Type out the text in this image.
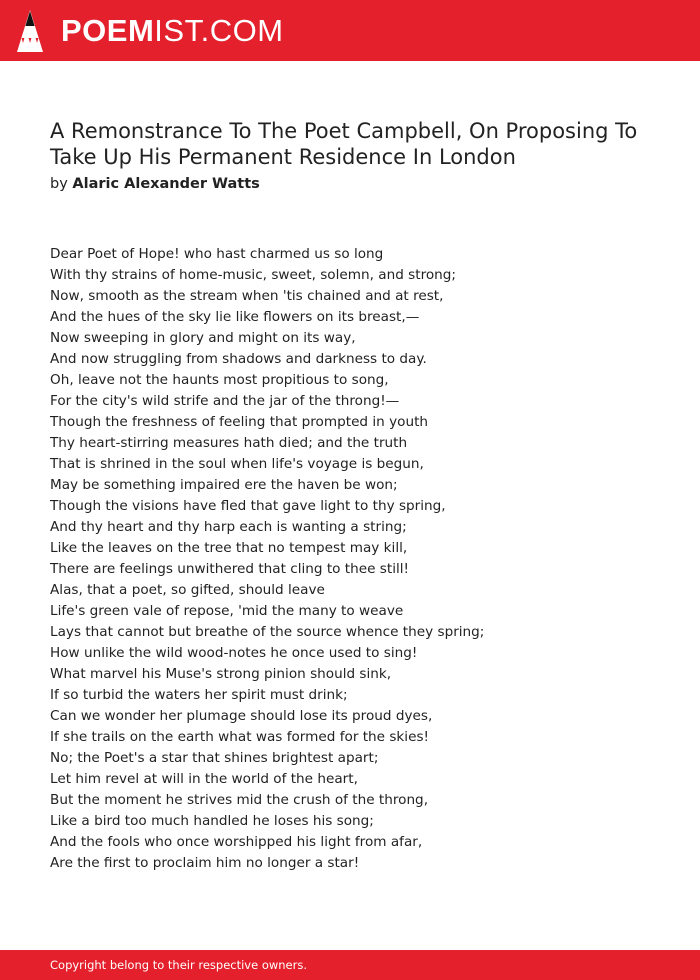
POEMIST.COM
A Remonstrance To The Poet Campbell, On Proposing To Take Up His Permanent Residence In London
by Alaric Alexander Watts
Dear Poet of Hope! who hast charmed us so long
With thy strains of home-music, sweet, solemn, and strong;
Now, smooth as the stream when 'tis chained and at rest,
And the hues of the sky lie like flowers on its breast,—
Now sweeping in glory and might on its way,
And now struggling from shadows and darkness to day.
Oh, leave not the haunts most propitious to song,
For the city's wild strife and the jar of the throng!—
Though the freshness of feeling that prompted in youth
Thy heart-stirring measures hath died; and the truth
That is shrined in the soul when life's voyage is begun,
May be something impaired ere the haven be won;
Though the visions have fled that gave light to thy spring,
And thy heart and thy harp each is wanting a string;
Like the leaves on the tree that no tempest may kill,
There are feelings unwithered that cling to thee still!
Alas, that a poet, so gifted, should leave
Life's green vale of repose, 'mid the many to weave
Lays that cannot but breathe of the source whence they spring;
How unlike the wild wood-notes he once used to sing!
What marvel his Muse's strong pinion should sink,
If so turbid the waters her spirit must drink;
Can we wonder her plumage should lose its proud dyes,
If she trails on the earth what was formed for the skies!
No; the Poet's a star that shines brightest apart;
Let him revel at will in the world of the heart,
But the moment he strives mid the crush of the throng,
Like a bird too much handled he loses his song;
And the fools who once worshipped his light from afar,
Are the first to proclaim him no longer a star!
Copyright belong to their respective owners.
